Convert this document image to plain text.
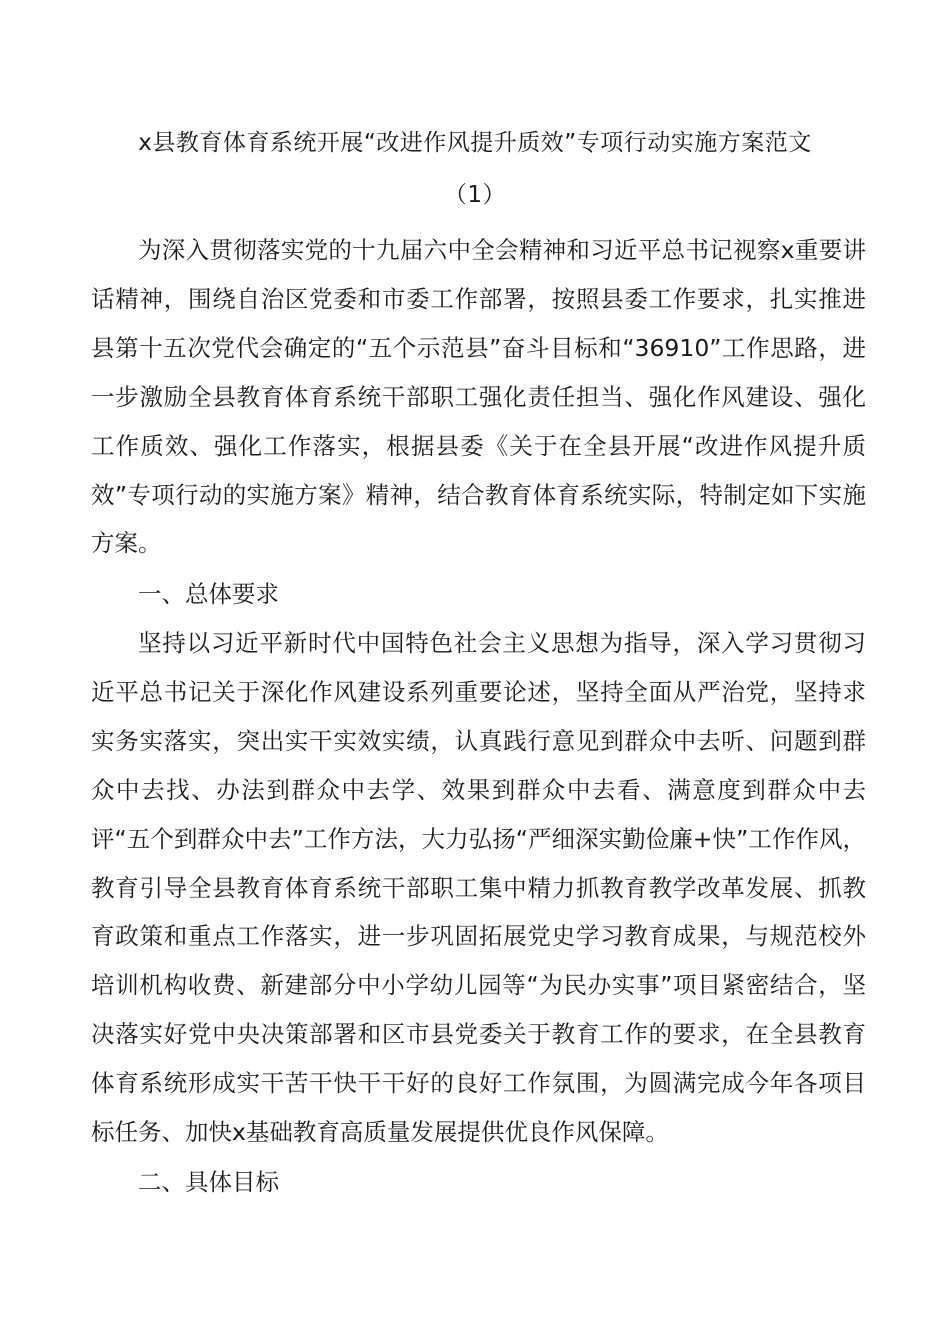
x县教育体育系统开展“改进作风提升质效”专项行动实施方案范文
（1）

为深入贯彻落实党的十九届六中全会精神和习近平总书记视察x重要讲话精神，围绕自治区党委和市委工作部署，按照县委工作要求，扎实推进县第十五次党代会确定的“五个示范县”奋斗目标和“36910”工作思路，进一步激励全县教育体育系统干部职工强化责任担当、强化作风建设、强化工作质效、强化工作落实，根据县委《关于在全县开展“改进作风提升质效”专项行动的实施方案》精神，结合教育体育系统实际，特制定如下实施方案。

一、总体要求

坚持以习近平新时代中国特色社会主义思想为指导，深入学习贯彻习近平总书记关于深化作风建设系列重要论述，坚持全面从严治党，坚持求实务实落实，突出实干实效实绩，认真践行意见到群众中去听、问题到群众中去找、办法到群众中去学、效果到群众中去看、满意度到群众中去评“五个到群众中去”工作方法，大力弘扬“严细深实勤俭廉+快”工作作风，教育引导全县教育体育系统干部职工集中精力抓教育教学改革发展、抓教育政策和重点工作落实，进一步巩固拓展党史学习教育成果，与规范校外培训机构收费、新建部分中小学幼儿园等“为民办实事”项目紧密结合，坚决落实好党中央决策部署和区市县党委关于教育工作的要求，在全县教育体育系统形成实干苦干快干干好的良好工作氛围，为圆满完成今年各项目标任务、加快x基础教育高质量发展提供优良作风保障。

二、具体目标
